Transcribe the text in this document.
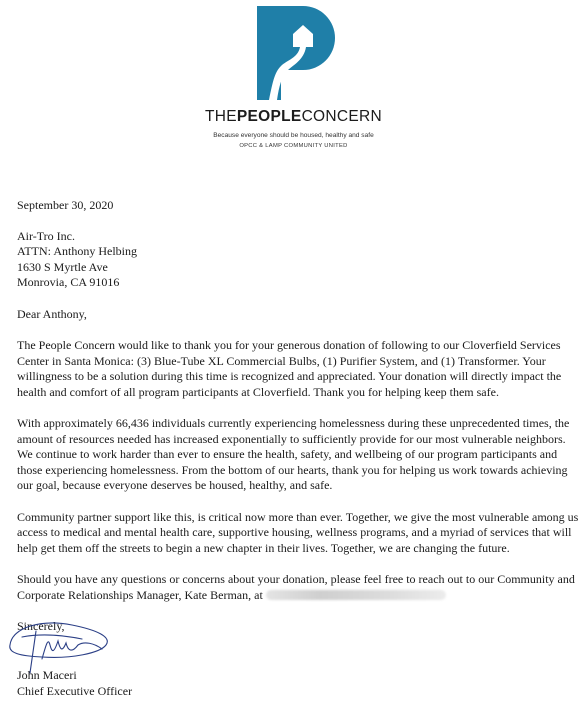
THEPEOPLECONCERN
Because everyone should be housed, healthy and safe
OPCC & LAMP COMMUNITY UNITED

September 30, 2020

Air-Tro Inc.

ATTN: Anthony Helbing

1630 S Myrtle Ave

Monrovia, CA 91016

Dear Anthony,

The People Concern would like to thank you for your generous donation of following to our Cloverfield Services Center in Santa Monica: (3) Blue-Tube XL Commercial Bulbs, (1) Purifier System, and (1) Transformer. Your willingness to be a solution during this time is recognized and appreciated. Your donation will directly impact the health and comfort of all program participants at Cloverfield. Thank you for helping keep them safe.

With approximately 66,436 individuals currently experiencing homelessness during these unprecedented times, the amount of resources needed has increased exponentially to sufficiently provide for our most vulnerable neighbors. We continue to work harder than ever to ensure the health, safety, and wellbeing of our program participants and those experiencing homelessness. From the bottom of our hearts, thank you for helping us work towards achieving our goal, because everyone deserves be housed, healthy, and safe.

Community partner support like this, is critical now more than ever. Together, we give the most vulnerable among us access to medical and mental health care, supportive housing, wellness programs, and a myriad of services that will help get them off the streets to begin a new chapter in their lives. Together, we are changing the future.

Should you have any questions or concerns about your donation, please feel free to reach out to our Community and Corporate Relationships Manager, Kate Berman, at

Sincerely,

John Maceri
Chief Executive Officer
